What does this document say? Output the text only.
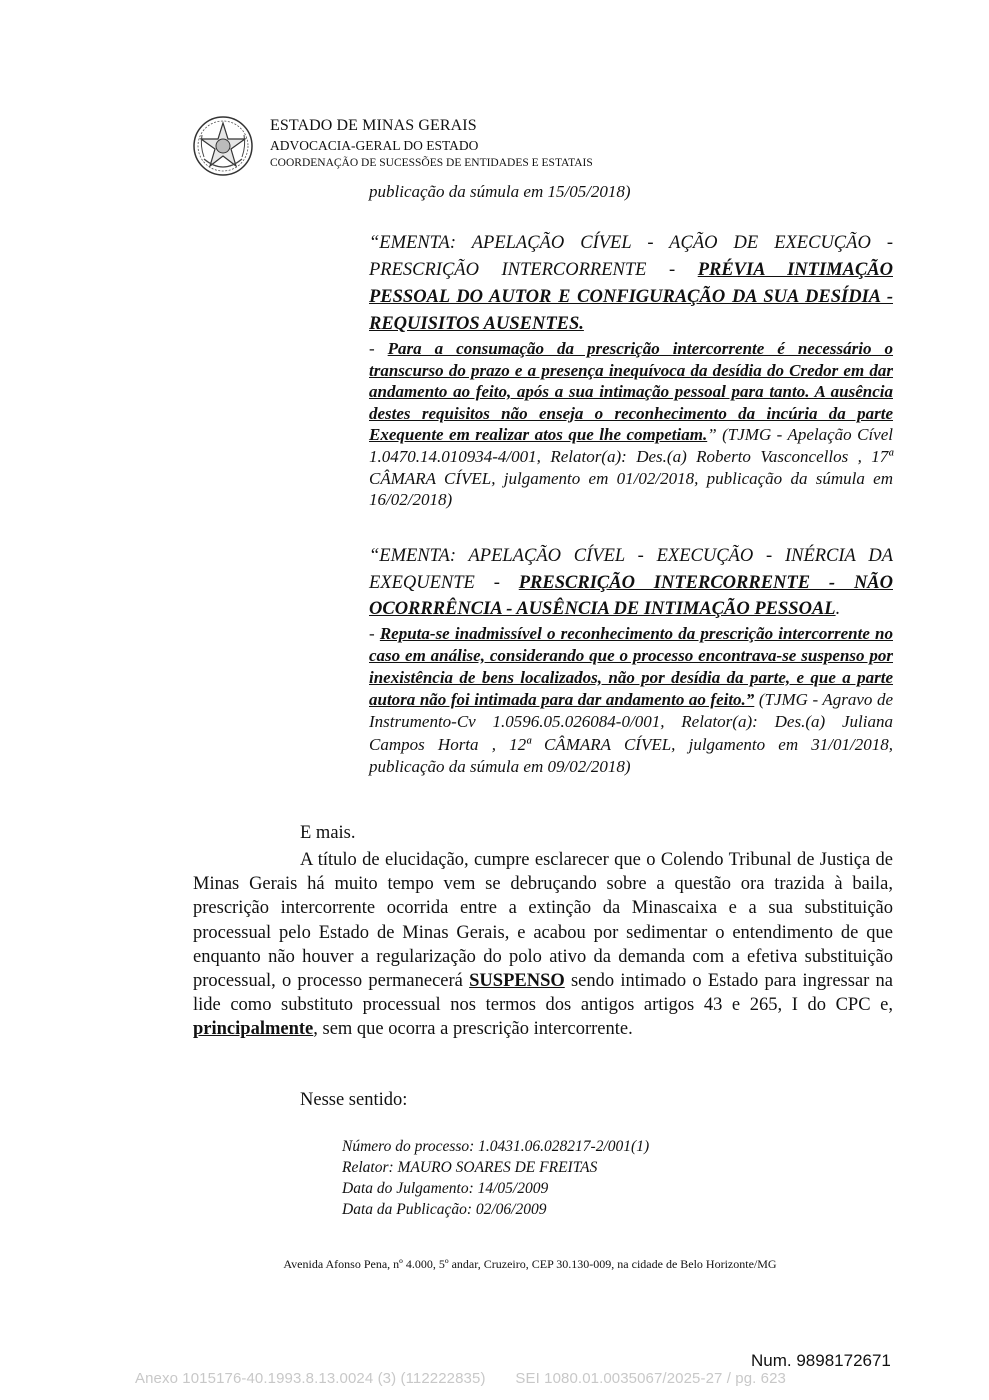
ESTADO DE MINAS GERAIS
ADVOCACIA-GERAL DO ESTADO
COORDENAÇÃO DE SUCESSÕES DE ENTIDADES E ESTATAIS
publicação da súmula em 15/05/2018)
“EMENTA: APELAÇÃO CÍVEL - AÇÃO DE EXECUÇÃO - PRESCRIÇÃO INTERCORRENTE - PRÉVIA INTIMAÇÃO PESSOAL DO AUTOR E CONFIGURAÇÃO DA SUA DESÍDIA - REQUISITOS AUSENTES.
- Para a consumação da prescrição intercorrente é necessário o transcurso do prazo e a presença inequívoca da desídia do Credor em dar andamento ao feito, após a sua intimação pessoal para tanto. A ausência destes requisitos não enseja o reconhecimento da incúria da parte Exequente em realizar atos que lhe competiam.” (TJMG - Apelação Cível 1.0470.14.010934-4/001, Relator(a): Des.(a) Roberto Vasconcellos , 17ª CÂMARA CÍVEL, julgamento em 01/02/2018, publicação da súmula em 16/02/2018)
“EMENTA: APELAÇÃO CÍVEL - EXECUÇÃO - INÉRCIA DA EXEQUENTE - PRESCRIÇÃO INTERCORRENTE - NÃO OCORRRÊNCIA - AUSÊNCIA DE INTIMAÇÃO PESSOAL.
- Reputa-se inadmissível o reconhecimento da prescrição intercorrente no caso em análise, considerando que o processo encontrava-se suspenso por inexistência de bens localizados, não por desídia da parte, e que a parte autora não foi intimada para dar andamento ao feito.” (TJMG - Agravo de Instrumento-Cv 1.0596.05.026084-0/001, Relator(a): Des.(a) Juliana Campos Horta , 12ª CÂMARA CÍVEL, julgamento em 31/01/2018, publicação da súmula em 09/02/2018)
E mais.
A título de elucidação, cumpre esclarecer que o Colendo Tribunal de Justiça de Minas Gerais há muito tempo vem se debruçando sobre a questão ora trazida à baila, prescrição intercorrente ocorrida entre a extinção da Minascaixa e a sua substituição processual pelo Estado de Minas Gerais, e acabou por sedimentar o entendimento de que enquanto não houver a regularização do polo ativo da demanda com a efetiva substituição processual, o processo permanecerá SUSPENSO sendo intimado o Estado para ingressar na lide como substituto processual nos termos dos antigos artigos 43 e 265, I do CPC e, principalmente, sem que ocorra a prescrição intercorrente.
Nesse sentido:
Número do processo: 1.0431.06.028217-2/001(1)
Relator: MAURO SOARES DE FREITAS
Data do Julgamento: 14/05/2009
Data da Publicação: 02/06/2009
Avenida Afonso Pena, nº 4.000, 5º andar, Cruzeiro, CEP 30.130-009, na cidade de Belo Horizonte/MG
Num. 9898172671
Anexo 1015176-40.1993.8.13.0024 (3) (112222835)       SEI 1080.01.0035067/2025-27 / pg. 623
